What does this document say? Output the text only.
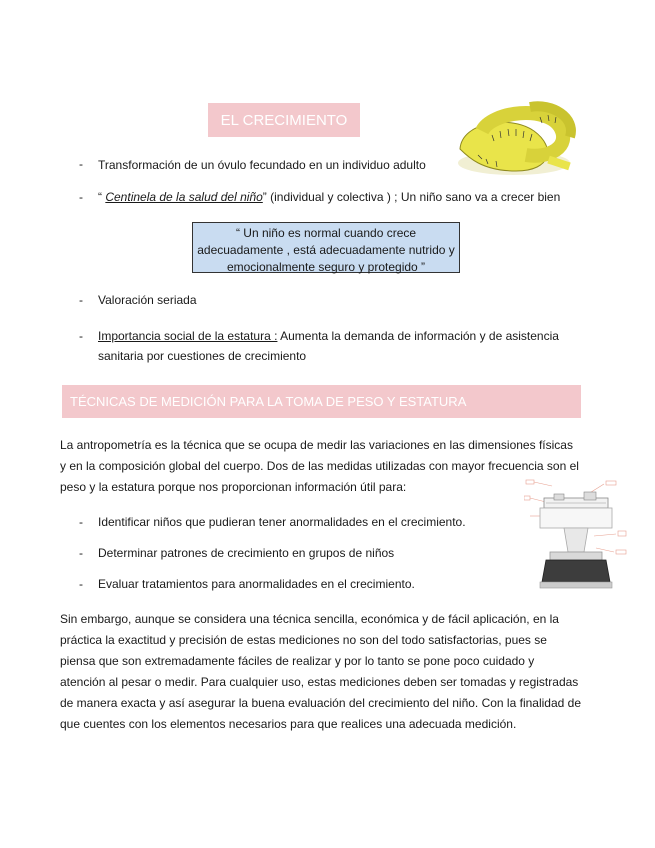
EL CRECIMIENTO
- Transformación de un óvulo fecundado en un individuo adulto
- “ Centinela de la salud del niño” (individual y colectiva ) ; Un niño sano va a crecer bien
“ Un niño es normal cuando crece adecuadamente , está adecuadamente nutrido y emocionalmente seguro y protegido ”
- Valoración seriada
- Importancia social de la estatura : Aumenta la demanda de información y de asistencia sanitaria por cuestiones de crecimiento
TÉCNICAS DE MEDICIÓN PARA LA TOMA DE PESO Y ESTATURA
La antropometría es la técnica que se ocupa de medir las variaciones en las dimensiones físicas y en la composición global del cuerpo. Dos de las medidas utilizadas con mayor frecuencia son el peso y la estatura porque nos proporcionan información útil para:
- Identificar niños que pudieran tener anormalidades en el crecimiento.
- Determinar patrones de crecimiento en grupos de niños
- Evaluar tratamientos para anormalidades en el crecimiento.
Sin embargo, aunque se considera una técnica sencilla, económica y de fácil aplicación, en la práctica la exactitud y precisión de estas mediciones no son del todo satisfactorias, pues se piensa que son extremadamente fáciles de realizar y por lo tanto se pone poco cuidado y atención al pesar o medir. Para cualquier uso, estas mediciones deben ser tomadas y registradas de manera exacta y así asegurar la buena evaluación del crecimiento del niño. Con la finalidad de que cuentes con los elementos necesarios para que realices una adecuada medición.
